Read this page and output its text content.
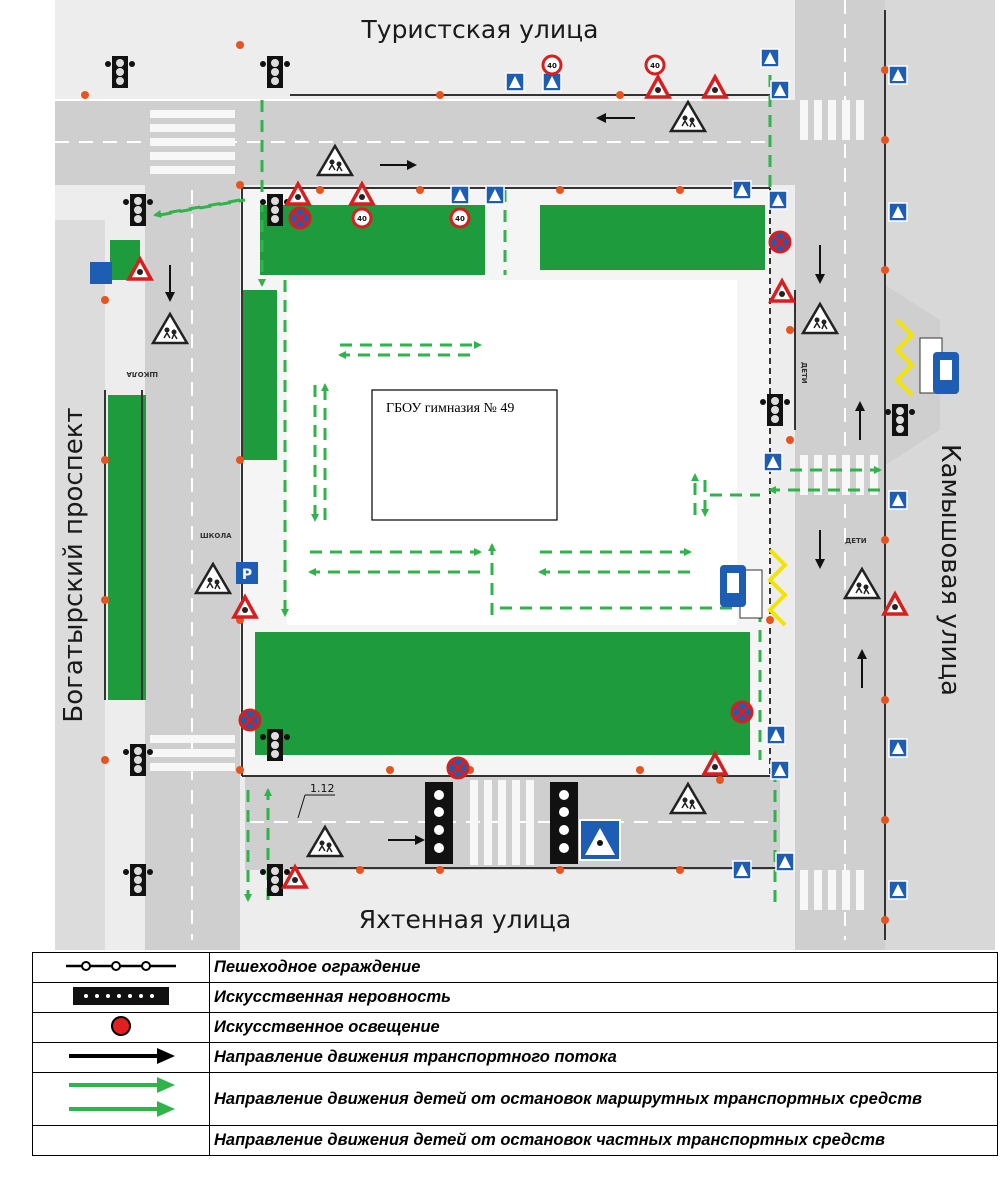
P
40	40
40	40
ШКОЛА
ШКОЛА	ДЕТИ
ДЕТИ
1.12
ГБОУ гимназия № 49
Туристская улица
Яхтенная улица
Богатырский проспект	Камышовая улица
	Пешеходное ограждение
	Искусственная неровность
	Искусственное освещение
	Направление движения транспортного потока
	Направление движения детей от остановок маршрутных транспортных средств
	Направление движения детей от остановок частных транспортных средств
